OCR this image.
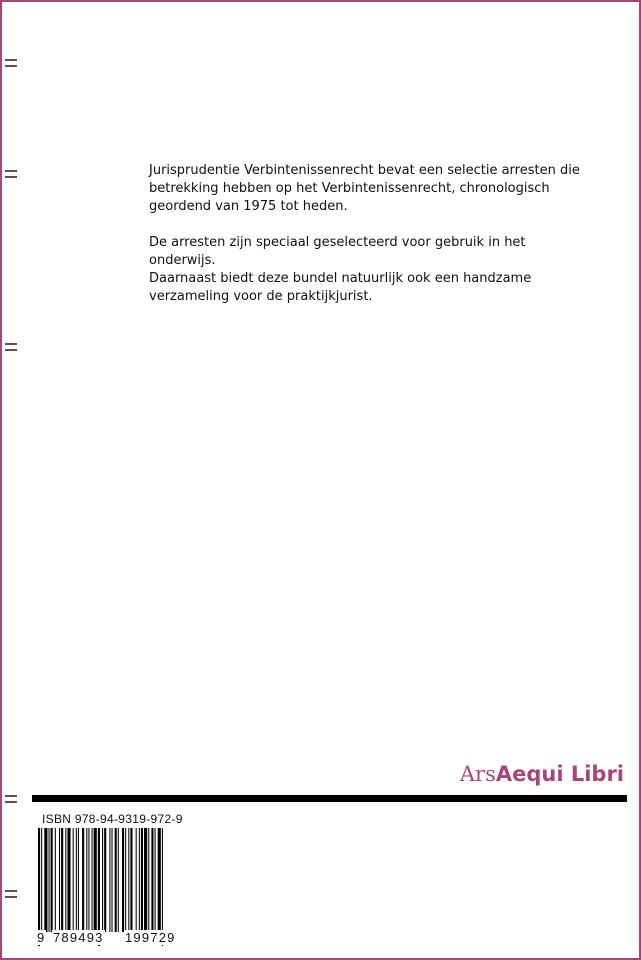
Jurisprudentie Verbintenissenrecht bevat een selectie arresten die betrekking hebben op het Verbintenissenrecht, chronologisch geordend van 1975 tot heden.

De arresten zijn speciaal geselecteerd voor gebruik in het onderwijs.

Daarnaast biedt deze bundel natuurlijk ook een handzame verzameling voor de praktijkjurist.

ArsAequi Libri
ISBN 978-94-9319-972-9
9 789493 199729
